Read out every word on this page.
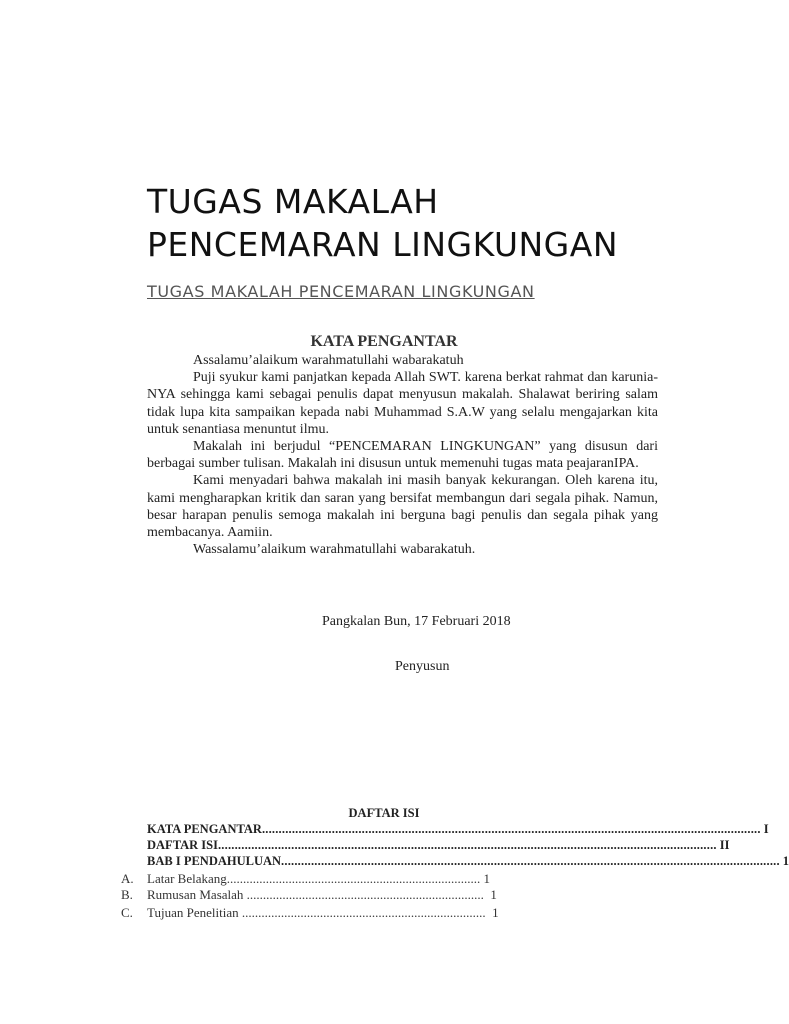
TUGAS MAKALAH
PENCEMARAN LINGKUNGAN
TUGAS MAKALAH PENCEMARAN LINGKUNGAN
KATA PENGANTAR

Assalamu’alaikum warahmatullahi wabarakatuh

Puji syukur kami panjatkan kepada Allah SWT. karena berkat rahmat dan karunia-NYA sehingga kami sebagai penulis dapat menyusun makalah. Shalawat beriring salam tidak lupa kita sampaikan kepada nabi Muhammad S.A.W yang selalu mengajarkan kita untuk senantiasa menuntut ilmu.

Makalah ini berjudul “PENCEMARAN LINGKUNGAN” yang disusun dari berbagai sumber tulisan. Makalah ini disusun untuk memenuhi tugas mata peajaranIPA.

Kami menyadari bahwa makalah ini masih banyak kekurangan. Oleh karena itu, kami mengharapkan kritik dan saran yang bersifat membangun dari segala pihak. Namun, besar harapan penulis semoga makalah ini berguna bagi penulis dan segala pihak yang membacanya. Aamiin.

Wassalamu’alaikum warahmatullahi wabarakatuh.

Pangkalan Bun, 17 Februari 2018
Penyusun
DAFTAR ISI
KATA PENGANTAR ...................................................................................................................................................... I
DAFTAR ISI ...................................................................................................................................................... II
BAB I PENDAHULUAN ...................................................................................................................................................... 1
A. Latar Belakang.............................................................................. 1
B. Rumusan Masalah ......................................................................... 1
C. Tujuan Penelitian ........................................................................... 1
